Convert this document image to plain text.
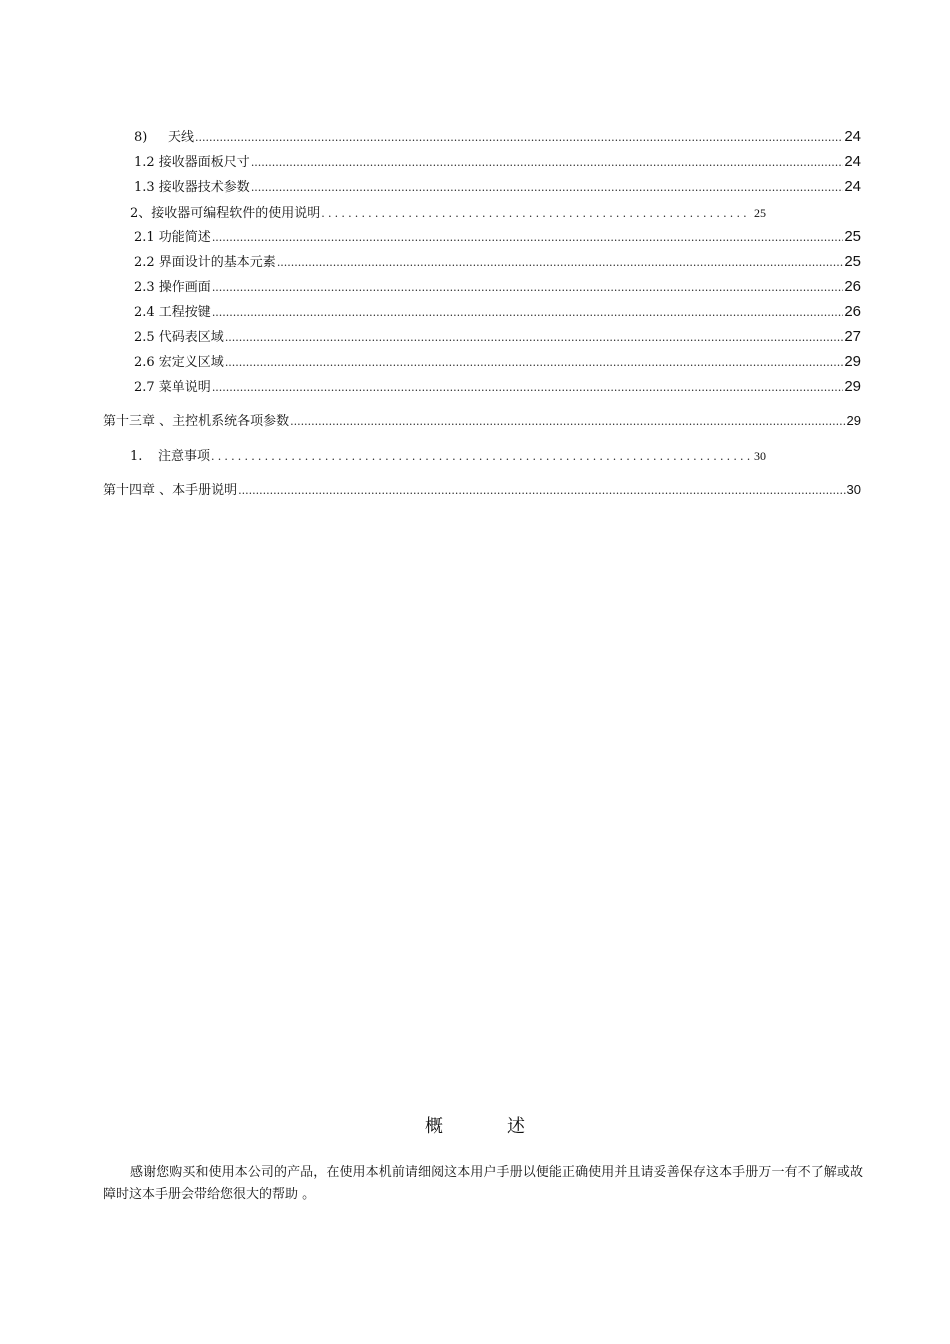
8) 天线 .....	24
1.2 接收器面板尺寸 .....	24
1.3 接收器技术参数 .....	24
2、接收器可编程软件的使用说明 .....	25
2.1 功能简述 .....	25
2.2 界面设计的基本元素 .....	25
2.3 操作画面 .....	26
2.4 工程按键 .....	26
2.5 代码表区域 .....	27
2.6 宏定义区域 .....	29
2.7 菜单说明 .....	29
第十三章 、主控机系统各项参数 .....	29
1. 注意事项 .....	30
第十四章 、本手册说明 .....	30
概	述
感谢您购买和使用本公司的产品，在使用本机前请细阅这本用户手册以便能正确使用并且请妥善保存这本手册万一有不了解或故障时这本手册会带给您很大的帮助 。
